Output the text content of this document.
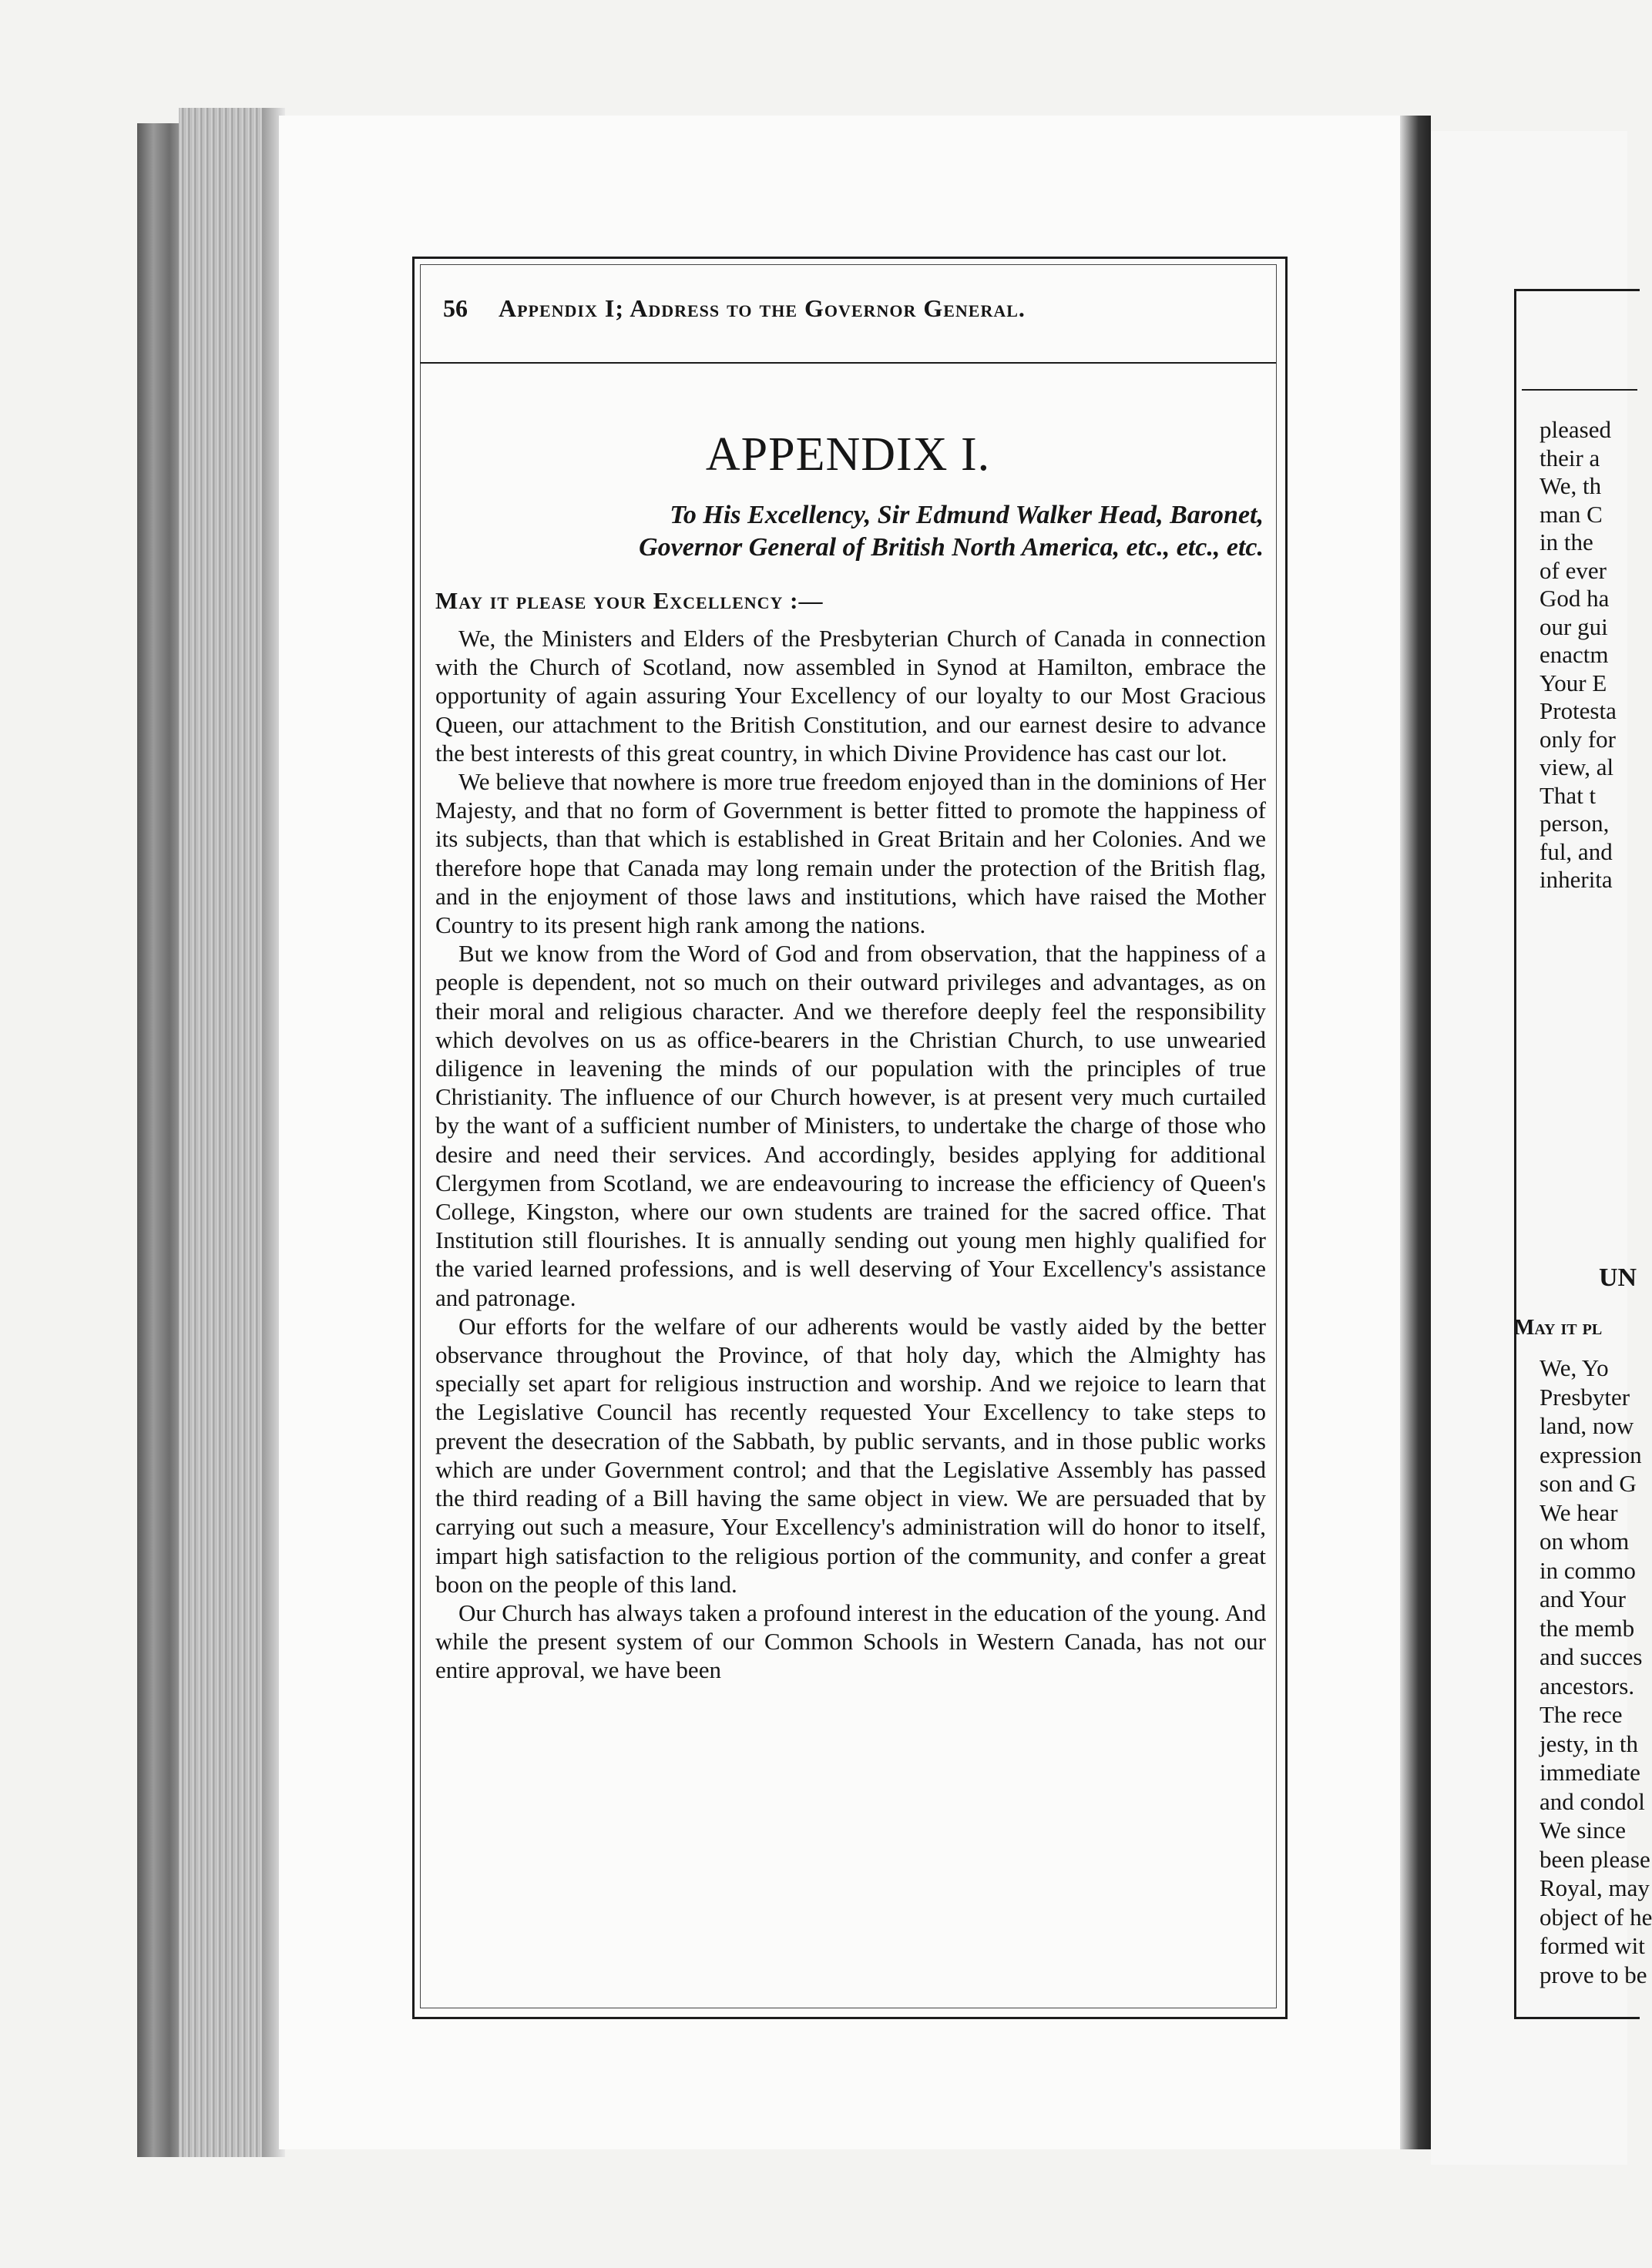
56 Appendix I; Address to the Governor General.
APPENDIX I.
To His Excellency, Sir Edmund Walker Head, Baronet,
Governor General of British North America, etc., etc., etc.
May it please your Excellency :—

We, the Ministers and Elders of the Presbyterian Church of Canada in connection with the Church of Scotland, now assembled in Synod at Hamilton, embrace the opportunity of again assuring Your Excellency of our loyalty to our Most Gracious Queen, our attachment to the British Constitution, and our earnest desire to advance the best interests of this great country, in which Divine Providence has cast our lot.

We believe that nowhere is more true freedom enjoyed than in the dominions of Her Majesty, and that no form of Government is better fitted to promote the happiness of its subjects, than that which is established in Great Britain and her Colonies. And we therefore hope that Canada may long remain under the protection of the British flag, and in the enjoyment of those laws and institutions, which have raised the Mother Country to its present high rank among the nations.

But we know from the Word of God and from observation, that the happiness of a people is dependent, not so much on their outward privileges and advantages, as on their moral and religious character. And we therefore deeply feel the responsibility which devolves on us as office-bearers in the Christian Church, to use unwearied diligence in leavening the minds of our population with the principles of true Christianity. The influence of our Church however, is at present very much curtailed by the want of a sufficient number of Ministers, to undertake the charge of those who desire and need their services. And accordingly, besides applying for additional Clergymen from Scotland, we are endeavouring to increase the efficiency of Queen's College, Kingston, where our own students are trained for the sacred office. That Institution still flourishes. It is annually sending out young men highly qualified for the varied learned professions, and is well deserving of Your Excellency's assistance and patronage.

Our efforts for the welfare of our adherents would be vastly aided by the better observance throughout the Province, of that holy day, which the Almighty has specially set apart for religious instruction and worship. And we rejoice to learn that the Legislative Council has recently requested Your Excellency to take steps to prevent the desecration of the Sabbath, by public servants, and in those public works which are under Government control; and that the Legislative Assembly has passed the third reading of a Bill having the same object in view. We are persuaded that by carrying out such a measure, Your Excellency's administration will do honor to itself, impart high satisfaction to the religious portion of the community, and confer a great boon on the people of this land.

Our Church has always taken a profound interest in the education of the young. And while the present system of our Common Schools in Western Canada, has not our entire approval, we have been

UN
May it pl
pleased
their a
We, th
man C
in the
of ever
God ha
our gui
enactm
Your E
Protesta
only for
view, al
That t
person,
ful, and
inherita
We, Yo
Presbyter
land, now
expression
son and G
We hear
on whom
in commo
and Your
the memb
and succes
ancestors.
The rece
jesty, in th
immediate
and condol
We since
been please
Royal, may
object of he
formed wit
prove to be
